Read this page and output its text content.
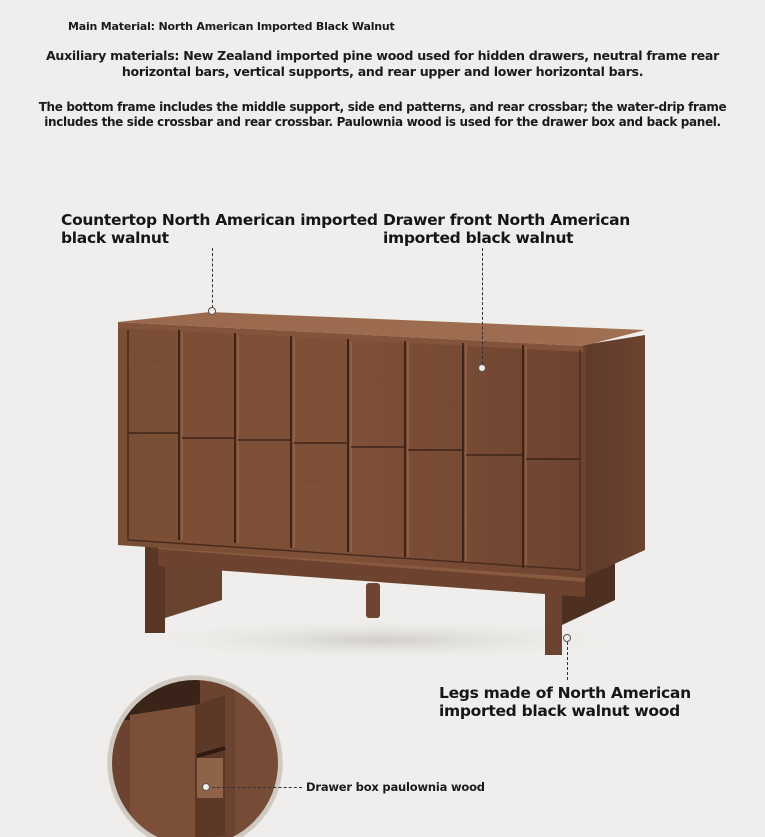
Main Material: North American Imported Black Walnut
Auxiliary materials: New Zealand imported pine wood used for hidden drawers, neutral frame rear horizontal bars, vertical supports, and rear upper and lower horizontal bars.
The bottom frame includes the middle support, side end patterns, and rear crossbar; the water-drip frame includes the side crossbar and rear crossbar. Paulownia wood is used for the drawer box and back panel.
Countertop North American imported black walnut
Drawer front North American imported black walnut
Legs made of North American imported black walnut wood
Drawer box paulownia wood
